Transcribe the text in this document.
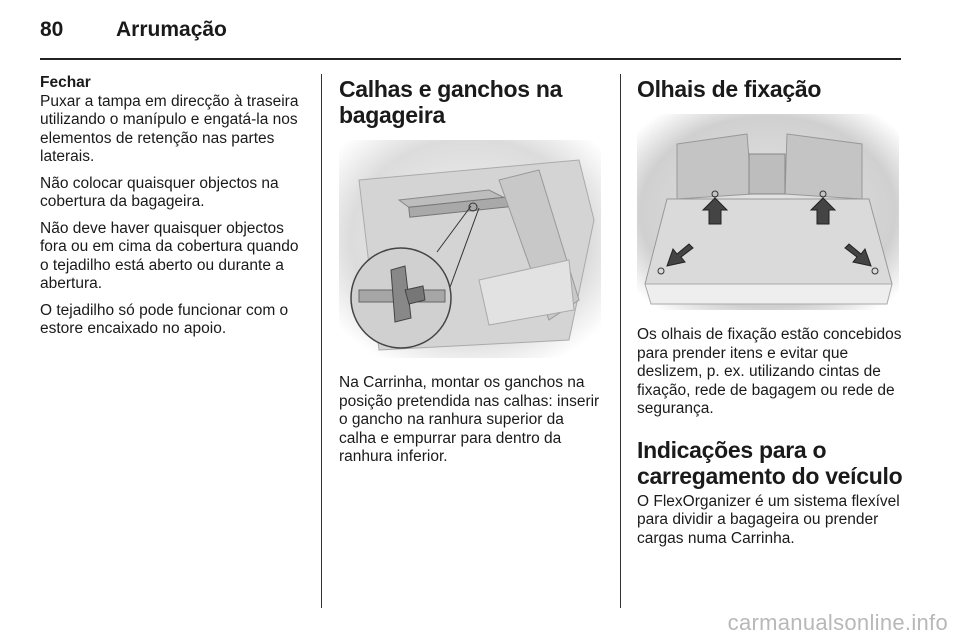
80	Arrumação

Fechar

Puxar a tampa em direcção à traseira utilizando o manípulo e engatá-la nos elementos de retenção nas partes laterais.

Não colocar quaisquer objectos na cobertura da bagageira.

Não deve haver quaisquer objectos fora ou em cima da cobertura quando o tejadilho está aberto ou durante a abertura.

O tejadilho só pode funcionar com o estore encaixado no apoio.

Calhas e ganchos na bagageira

Na Carrinha, montar os ganchos na posição pretendida nas calhas: inserir o gancho na ranhura superior da calha e empurrar para dentro da ranhura inferior.

Olhais de fixação

Os olhais de fixação estão concebidos para prender itens e evitar que deslizem, p. ex. utilizando cintas de fixação, rede de bagagem ou rede de segurança.

Indicações para o carregamento do veículo

O FlexOrganizer é um sistema flexível para dividir a bagageira ou prender cargas numa Carrinha.

carmanualsonline.info
